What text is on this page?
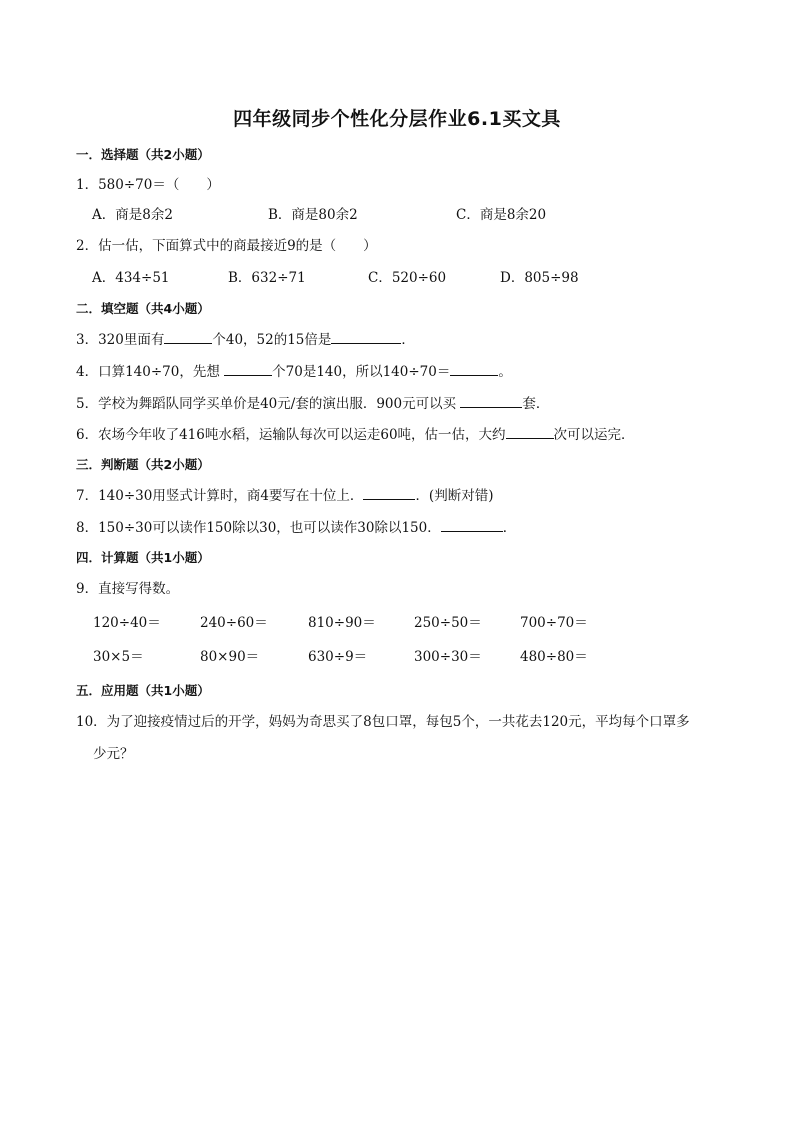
四年级同步个性化分层作业6.1买文具
一．选择题（共2小题）
1．580÷70＝（　　）
A．商是8余2	B．商是80余2	C．商是8余20
2．估一估，下面算式中的商最接近9的是（　　）
A．434÷51	B．632÷71	C．520÷60	D．805÷98
二．填空题（共4小题）
3．320里面有	个40，52的15倍是	．
4．口算140÷70，先想	个70是140，所以140÷70＝	。
5．学校为舞蹈队同学买单价是40元/套的演出服．900元可以买	套．
6．农场今年收了416吨水稻，运输队每次可以运走60吨，估一估，大约	次可以运完．
三．判断题（共2小题）
7．140÷30用竖式计算时，商4要写在十位上．	．(判断对错)
8．150÷30可以读作150除以30，也可以读作30除以150．	．
四．计算题（共1小题）
9．直接写得数。
120÷40＝	240÷60＝	810÷90＝	250÷50＝	700÷70＝
30×5＝	80×90＝	630÷9＝	300÷30＝	480÷80＝
五．应用题（共1小题）
10．为了迎接疫情过后的开学，妈妈为奇思买了8包口罩，每包5个，一共花去120元，平均每个口罩多
少元？
